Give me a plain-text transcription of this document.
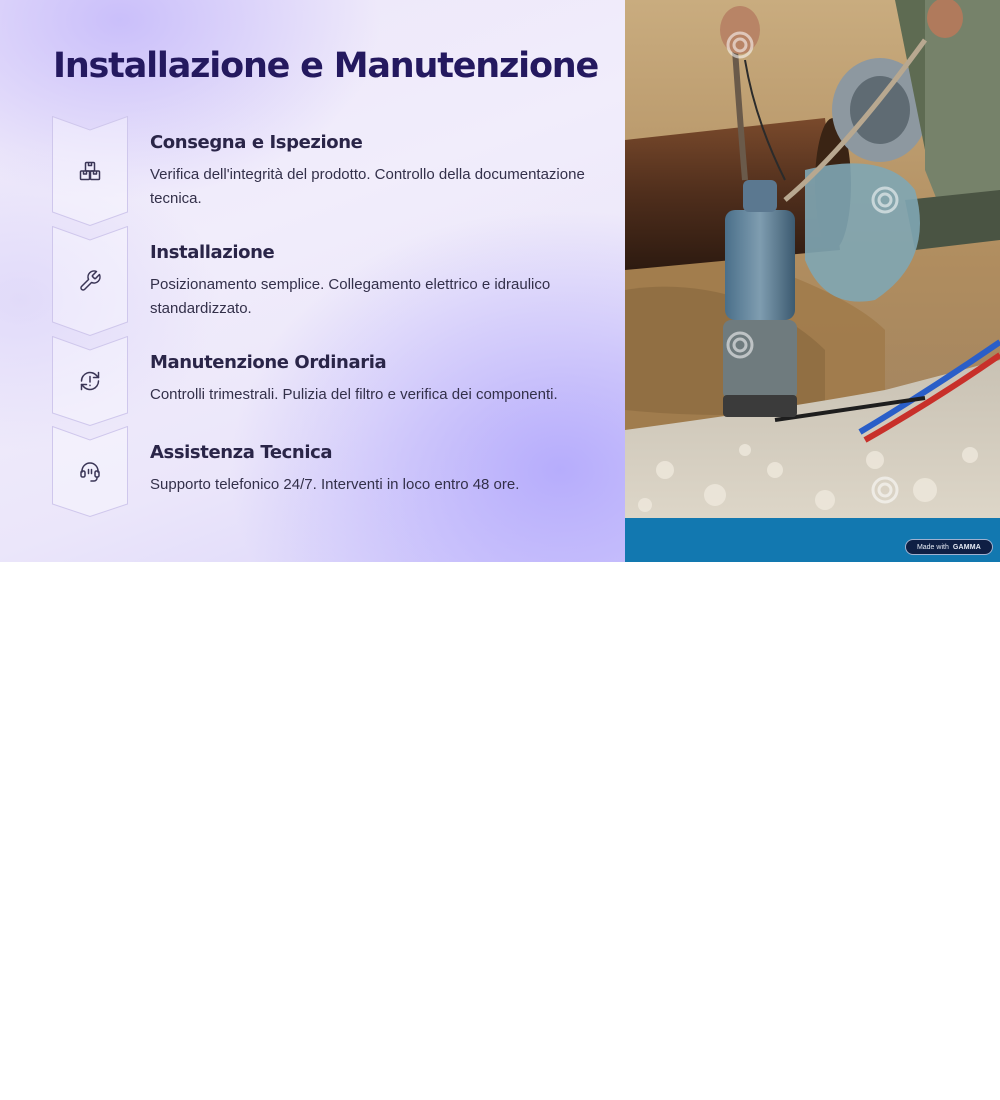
Installazione e Manutenzione
Consegna e Ispezione

Verifica dell'integrità del prodotto. Controllo della documentazione tecnica.

Installazione

Posizionamento semplice. Collegamento elettrico e idraulico standardizzato.

Manutenzione Ordinaria

Controlli trimestrali. Pulizia del filtro e verifica dei componenti.

Assistenza Tecnica

Supporto telefonico 24/7. Interventi in loco entro 48 ore.

Made with GAMMA
